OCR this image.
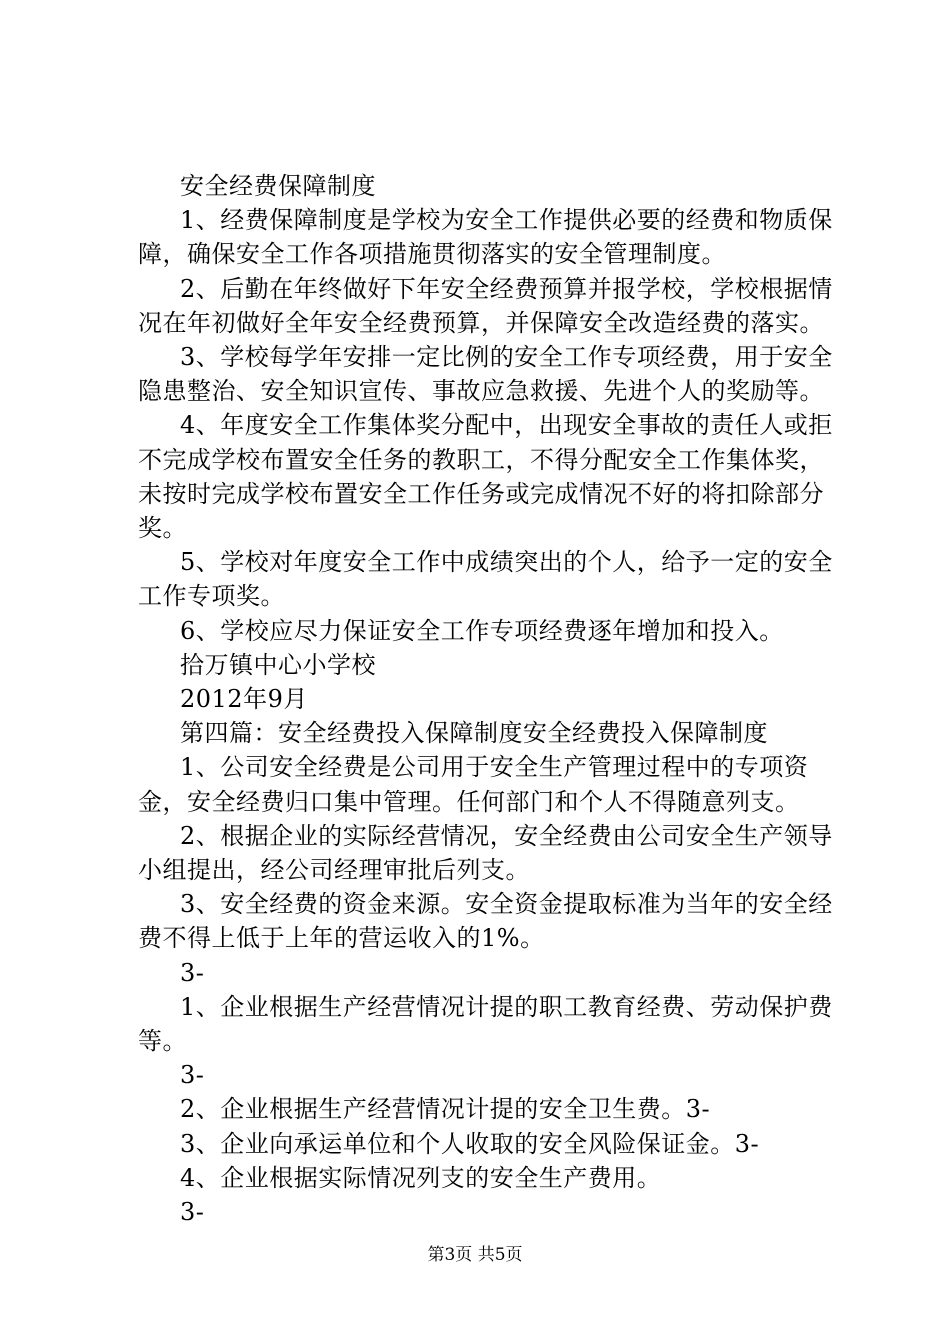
安全经费保障制度

1、经费保障制度是学校为安全工作提供必要的经费和物质保障，确保安全工作各项措施贯彻落实的安全管理制度。

2、后勤在年终做好下年安全经费预算并报学校，学校根据情况在年初做好全年安全经费预算，并保障安全改造经费的落实。

3、学校每学年安排一定比例的安全工作专项经费，用于安全隐患整治、安全知识宣传、事故应急救援、先进个人的奖励等。

4、年度安全工作集体奖分配中，出现安全事故的责任人或拒不完成学校布置安全任务的教职工，不得分配安全工作集体奖，未按时完成学校布置安全工作任务或完成情况不好的将扣除部分奖。

5、学校对年度安全工作中成绩突出的个人，给予一定的安全工作专项奖。

6、学校应尽力保证安全工作专项经费逐年增加和投入。

拾万镇中心小学校

2012年9月

第四篇：安全经费投入保障制度安全经费投入保障制度

1、公司安全经费是公司用于安全生产管理过程中的专项资金，安全经费归口集中管理。任何部门和个人不得随意列支。

2、根据企业的实际经营情况，安全经费由公司安全生产领导小组提出，经公司经理审批后列支。

3、安全经费的资金来源。安全资金提取标准为当年的安全经费不得上低于上年的营运收入的1%。

3-

1、企业根据生产经营情况计提的职工教育经费、劳动保护费等。

3-

2、企业根据生产经营情况计提的安全卫生费。3-

3、企业向承运单位和个人收取的安全风险保证金。3-

4、企业根据实际情况列支的安全生产费用。

3-

第3页 共5页
